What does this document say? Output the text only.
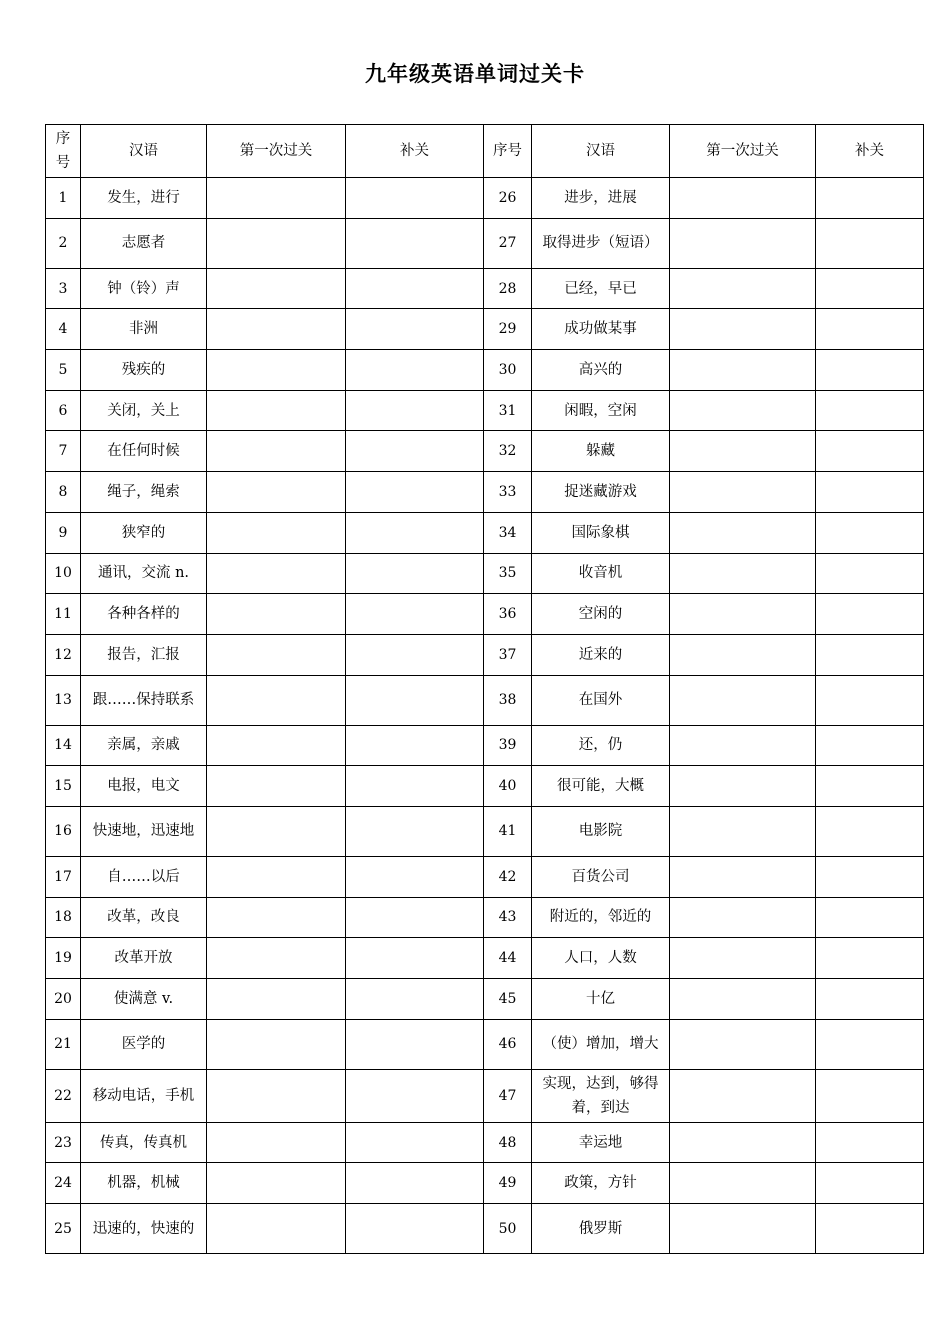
九年级英语单词过关卡
序号	汉语	第一次过关	补关	序号	汉语	第一次过关	补关
1	发生，进行			26	进步，进展		
2	志愿者			27	取得进步（短语）		
3	钟（铃）声			28	已经，早已		
4	非洲			29	成功做某事		
5	残疾的			30	高兴的		
6	关闭，关上			31	闲暇，空闲		
7	在任何时候			32	躲藏		
8	绳子，绳索			33	捉迷藏游戏		
9	狭窄的			34	国际象棋		
10	通讯，交流 n.			35	收音机		
11	各种各样的			36	空闲的		
12	报告，汇报			37	近来的		
13	跟……保持联系			38	在国外		
14	亲属，亲戚			39	还，仍		
15	电报，电文			40	很可能，大概		
16	快速地，迅速地			41	电影院		
17	自……以后			42	百货公司		
18	改革，改良			43	附近的，邻近的		
19	改革开放			44	人口，人数		
20	使满意 v.			45	十亿		
21	医学的			46	（使）增加，增大		
22	移动电话，手机			47	实现，达到，够得着，到达		
23	传真，传真机			48	幸运地		
24	机器，机械			49	政策，方针		
25	迅速的，快速的			50	俄罗斯		
